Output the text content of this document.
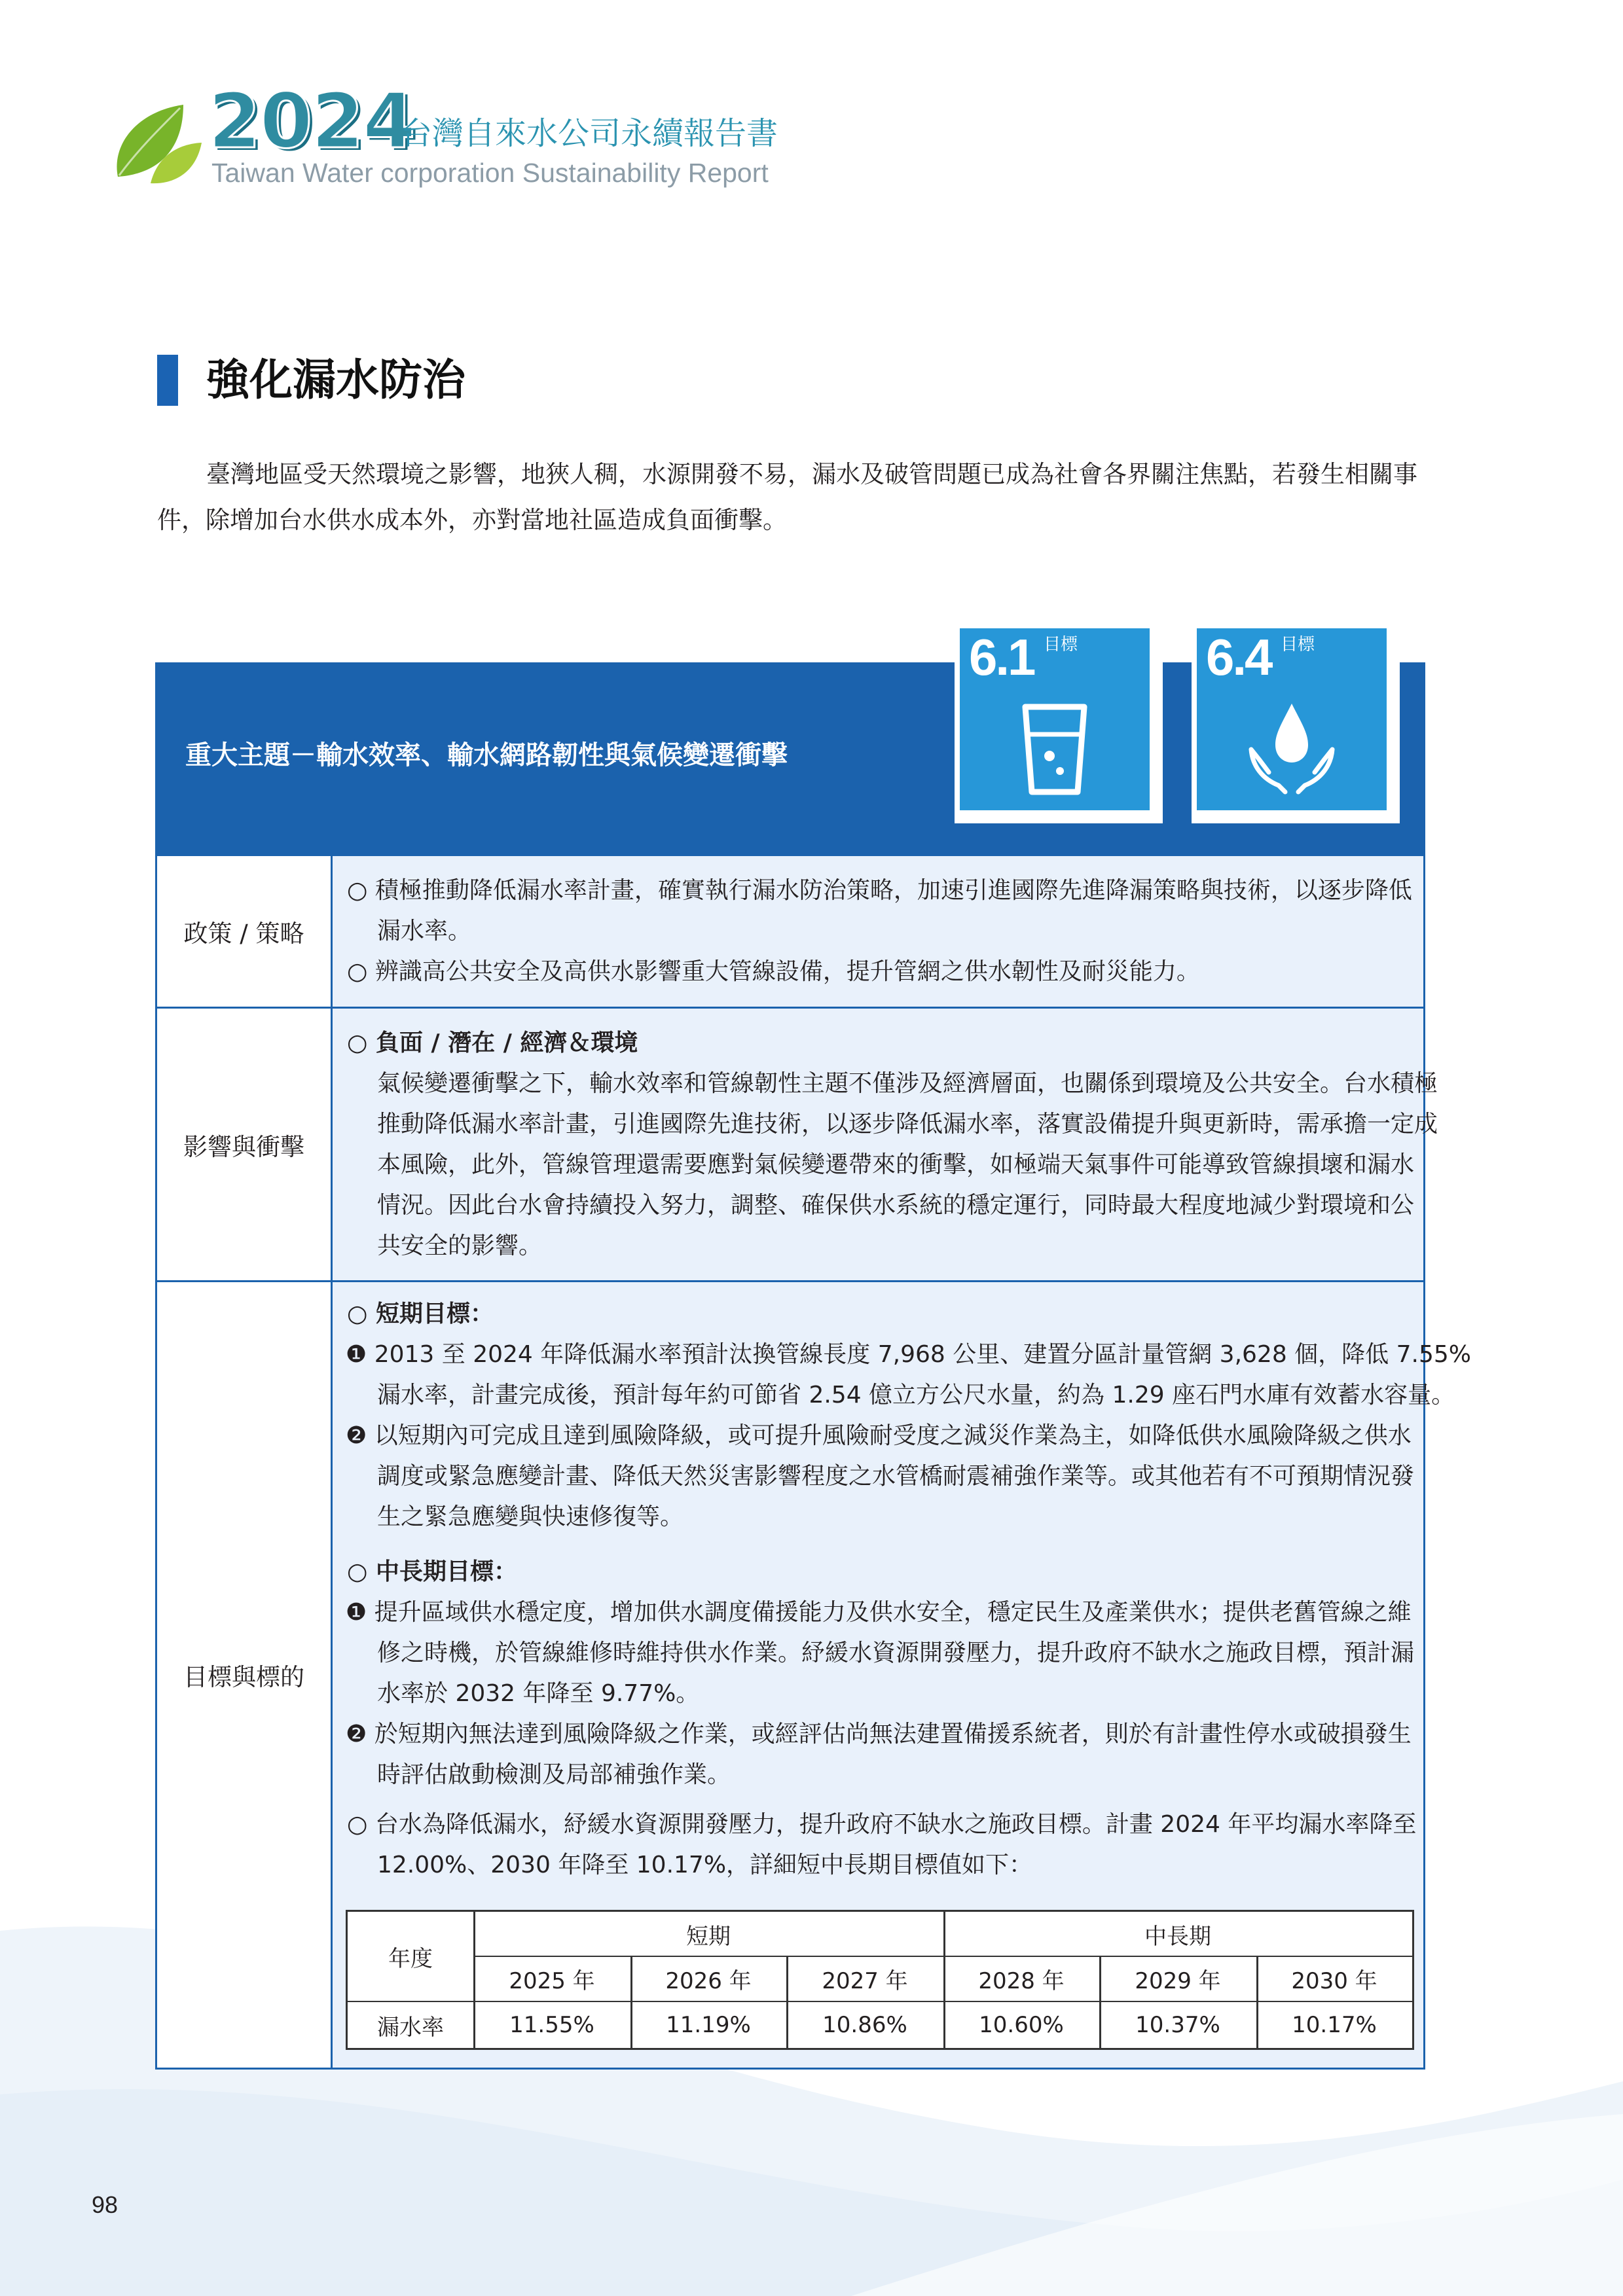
2024
台灣自來水公司永續報告書
Taiwan Water corporation Sustainability Report
強化漏水防治
臺灣地區受天然環境之影響，地狹人稠，水源開發不易，漏水及破管問題已成為社會各界關注焦點，若發生相關事件，除增加台水供水成本外，亦對當地社區造成負面衝擊。
重大主題－輸水效率、輸水網路韌性與氣候變遷衝擊
6.1 目標	6.4 目標
政策 / 策略
○ 積極推動降低漏水率計畫，確實執行漏水防治策略，加速引進國際先進降漏策略與技術，以逐步降低
漏水率。
○ 辨識高公共安全及高供水影響重大管線設備，提升管網之供水韌性及耐災能力。
影響與衝擊
○ 負面 / 潛在 / 經濟＆環境
氣候變遷衝擊之下，輸水效率和管線韌性主題不僅涉及經濟層面，也關係到環境及公共安全。台水積極
推動降低漏水率計畫，引進國際先進技術，以逐步降低漏水率，落實設備提升與更新時，需承擔一定成
本風險，此外，管線管理還需要應對氣候變遷帶來的衝擊，如極端天氣事件可能導致管線損壞和漏水
情況。因此台水會持續投入努力，調整、確保供水系統的穩定運行，同時最大程度地減少對環境和公
共安全的影響。
目標與標的
○ 短期目標：
❶ 2013 至 2024 年降低漏水率預計汰換管線長度 7,968 公里、建置分區計量管網 3,628 個，降低 7.55%
漏水率，計畫完成後，預計每年約可節省 2.54 億立方公尺水量，約為 1.29 座石門水庫有效蓄水容量。
❷ 以短期內可完成且達到風險降級，或可提升風險耐受度之減災作業為主，如降低供水風險降級之供水
調度或緊急應變計畫、降低天然災害影響程度之水管橋耐震補強作業等。或其他若有不可預期情況發
生之緊急應變與快速修復等。
○ 中長期目標：
❶ 提升區域供水穩定度，增加供水調度備援能力及供水安全，穩定民生及產業供水；提供老舊管線之維
修之時機，於管線維修時維持供水作業。紓緩水資源開發壓力，提升政府不缺水之施政目標，預計漏
水率於 2032 年降至 9.77%。
❷ 於短期內無法達到風險降級之作業，或經評估尚無法建置備援系統者，則於有計畫性停水或破損發生
時評估啟動檢測及局部補強作業。
○ 台水為降低漏水，紓緩水資源開發壓力，提升政府不缺水之施政目標。計畫 2024 年平均漏水率降至
12.00%、2030 年降至 10.17%，詳細短中長期目標值如下：
年度
短期	中長期
2025 年	2026 年	2027 年	2028 年	2029 年	2030 年
漏水率	11.55%	11.19%	10.86%	10.60%	10.37%	10.17%
98
